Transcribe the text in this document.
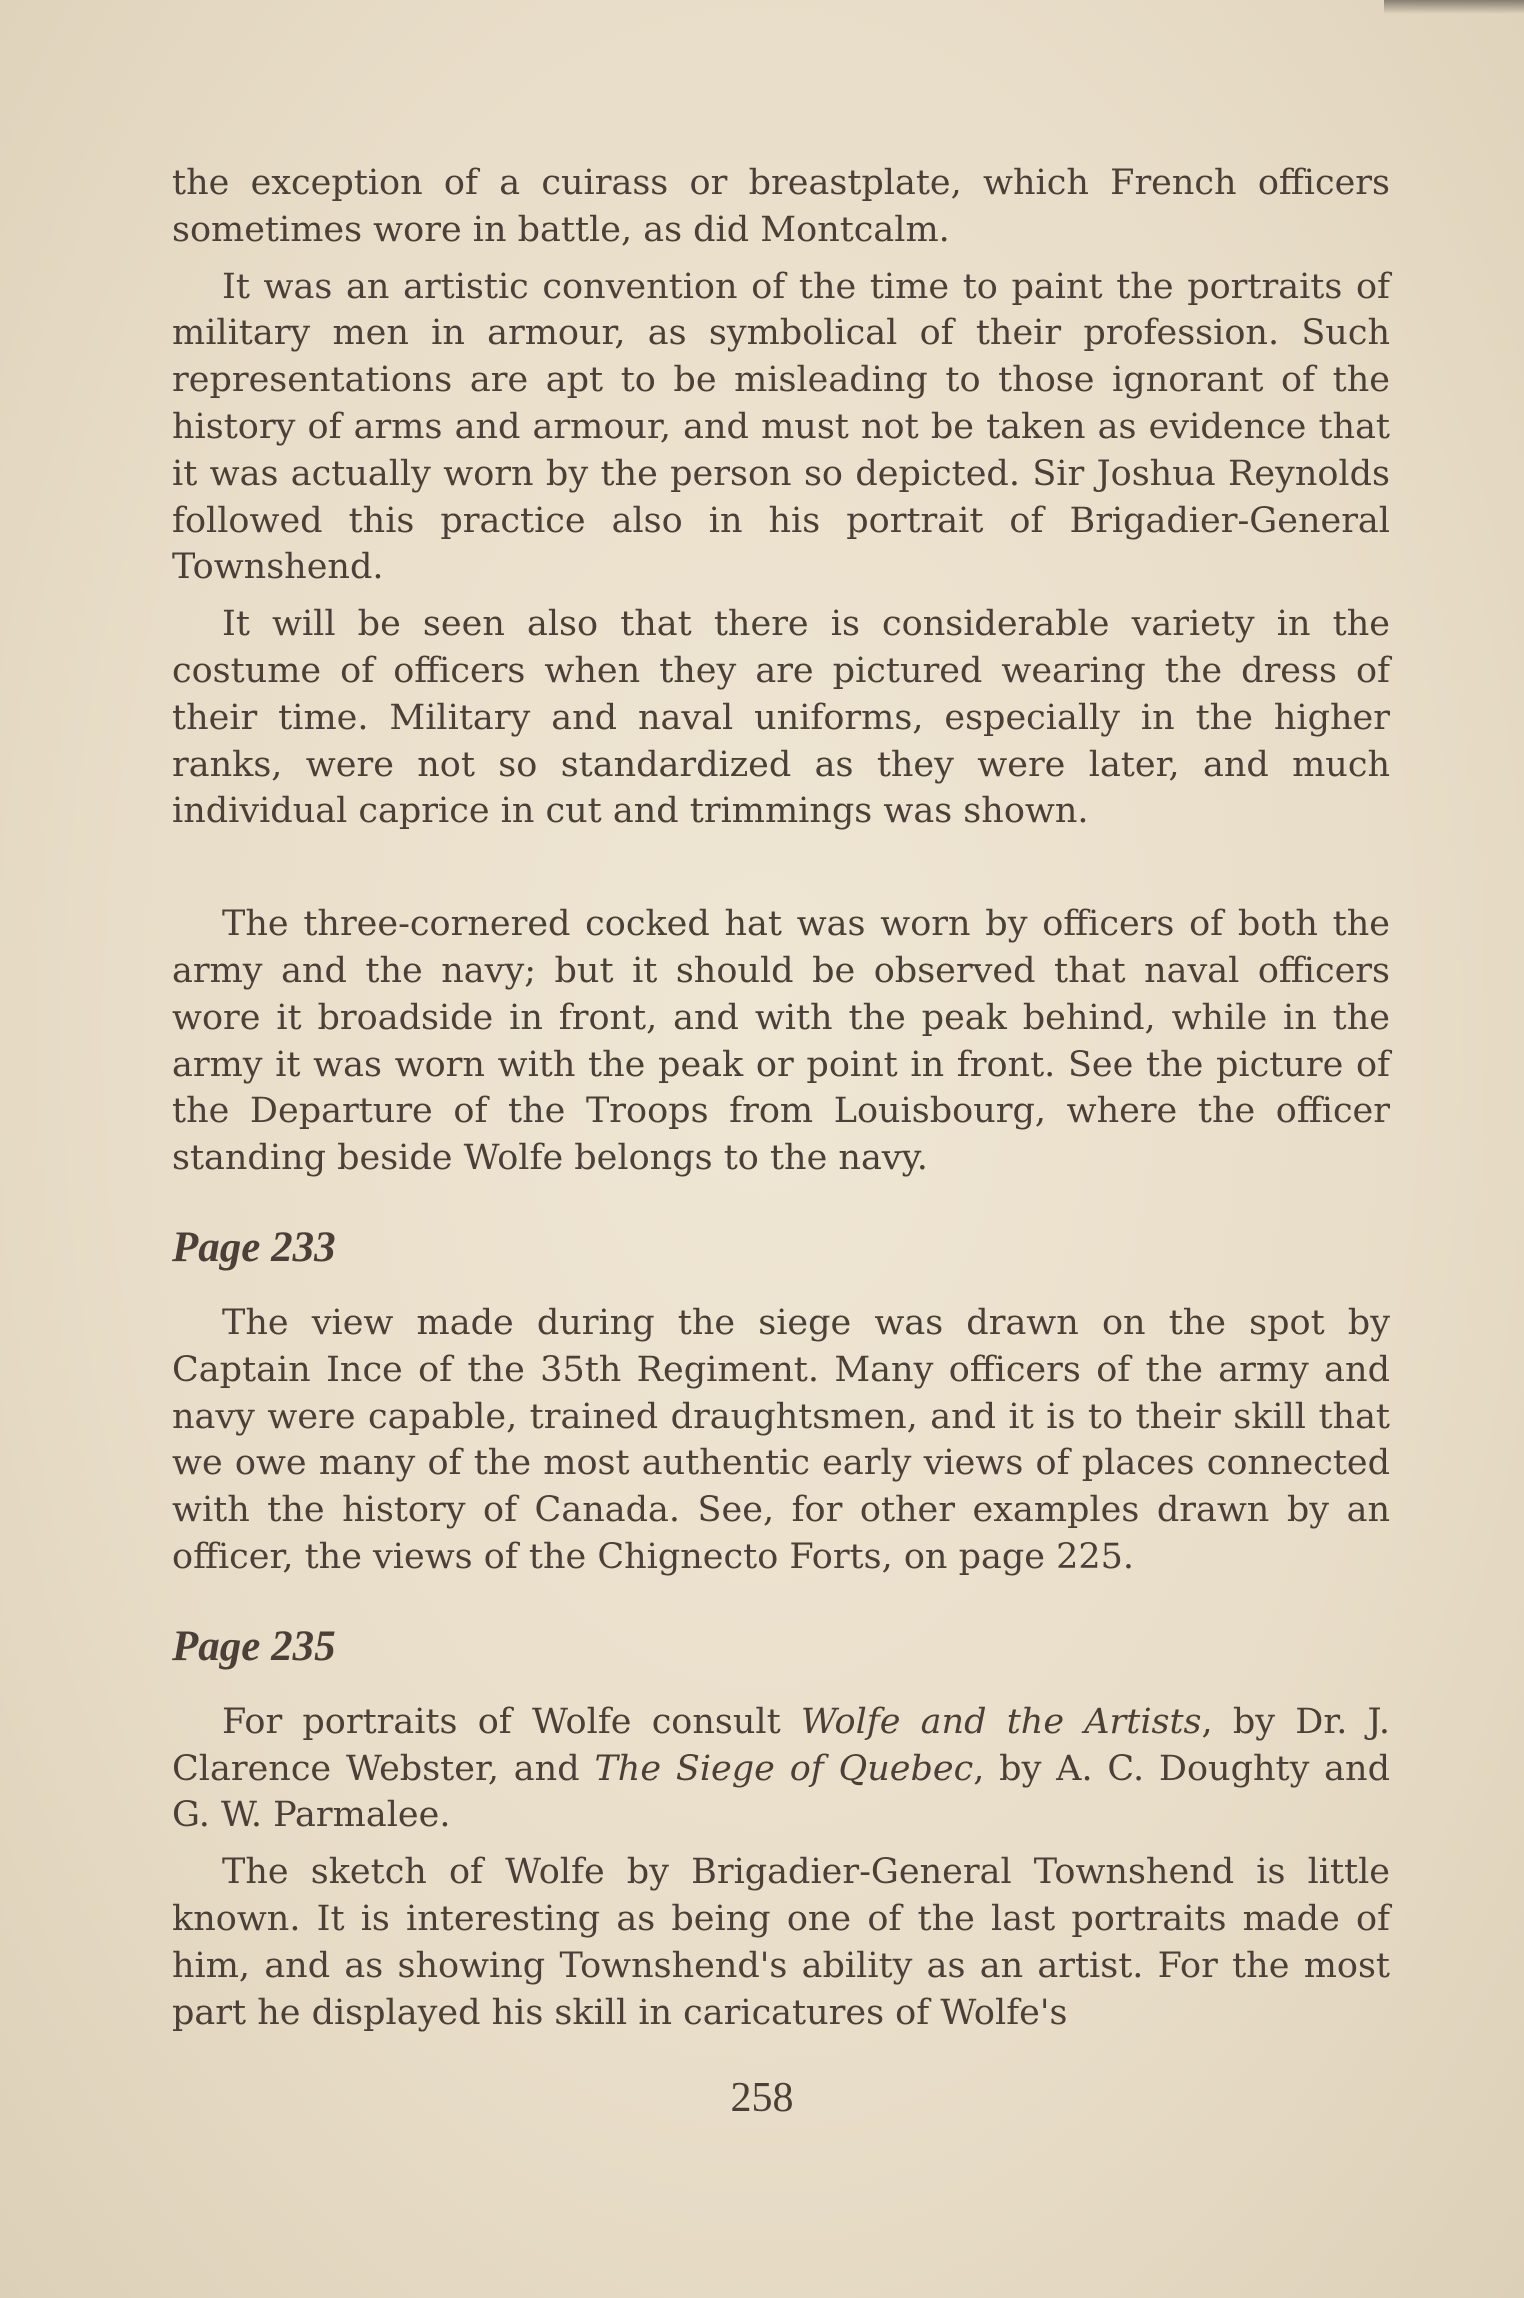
the exception of a cuirass or breastplate, which French officers sometimes wore in battle, as did Montcalm.

It was an artistic convention of the time to paint the portraits of military men in armour, as symbolical of their profession. Such representations are apt to be misleading to those ignorant of the history of arms and armour, and must not be taken as evidence that it was actually worn by the person so depicted. Sir Joshua Reynolds followed this practice also in his portrait of Brigadier-General Townshend.

It will be seen also that there is considerable variety in the costume of officers when they are pictured wearing the dress of their time. Military and naval uniforms, especially in the higher ranks, were not so standardized as they were later, and much individual caprice in cut and trimmings was shown.

The three-cornered cocked hat was worn by officers of both the army and the navy; but it should be observed that naval officers wore it broadside in front, and with the peak behind, while in the army it was worn with the peak or point in front. See the picture of the Departure of the Troops from Louisbourg, where the officer standing beside Wolfe belongs to the navy.

Page 233

The view made during the siege was drawn on the spot by Captain Ince of the 35th Regiment. Many officers of the army and navy were capable, trained draughtsmen, and it is to their skill that we owe many of the most authentic early views of places connected with the history of Canada. See, for other examples drawn by an officer, the views of the Chignecto Forts, on page 225.

Page 235

For portraits of Wolfe consult Wolfe and the Artists, by Dr. J. Clarence Webster, and The Siege of Quebec, by A. C. Doughty and G. W. Parmalee.

The sketch of Wolfe by Brigadier-General Townshend is little known. It is interesting as being one of the last portraits made of him, and as showing Townshend's ability as an artist. For the most part he displayed his skill in caricatures of Wolfe's

258
